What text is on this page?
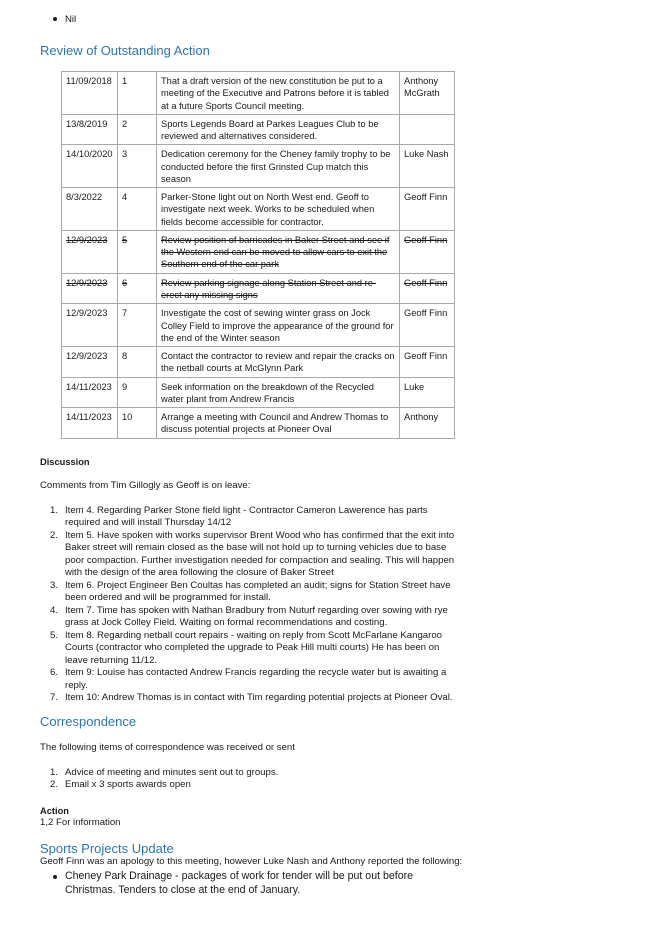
Nil
Review of Outstanding Action
11/09/2018	1	That a draft version of the new constitution be put to a meeting of the Executive and Patrons before it is tabled at a future Sports Council meeting.	Anthony McGrath
13/8/2019	2	Sports Legends Board at Parkes Leagues Club to be reviewed and alternatives considered.	
14/10/2020	3	Dedication ceremony for the Cheney family trophy to be conducted before the first Grinsted Cup match this season	Luke Nash
8/3/2022	4	Parker-Stone light out on North West end. Geoff to investigate next week. Works to be scheduled when fields become accessible for contractor.	Geoff Finn
12/9/2023	5	Review position of barricades in Baker Street and see if the Western end can be moved to allow cars to exit the Southern end of the car park	Geoff Finn
12/9/2023	6	Review parking signage along Station Street and re-erect any missing signs	Geoff Finn
12/9/2023	7	Investigate the cost of sewing winter grass on Jock Colley Field to improve the appearance of the ground for the end of the Winter season	Geoff Finn
12/9/2023	8	Contact the contractor to review and repair the cracks on the netball courts at McGlynn Park	Geoff Finn
14/11/2023	9	Seek information on the breakdown of the Recycled water plant from Andrew Francis	Luke
14/11/2023	10	Arrange a meeting with Council and Andrew Thomas to discuss potential projects at Pioneer Oval	Anthony
Discussion
Comments from Tim Gillogly as Geoff is on leave:
1. Item 4. Regarding Parker Stone field light - Contractor Cameron Lawerence has parts required and will install Thursday 14/12
2. Item 5. Have spoken with works supervisor Brent Wood who has confirmed that the exit into Baker street will remain closed as the base will not hold up to turning vehicles due to base poor compaction. Further investigation needed for compaction and sealing. This will happen with the design of the area following the closure of Baker Street
3. Item 6. Project Engineer Ben Coultas has completed an audit; signs for Station Street have been ordered and will be programmed for install.
4. Item 7. Time has spoken with Nathan Bradbury from Nuturf regarding over sowing with rye grass at Jock Colley Field. Waiting on formal recommendations and costing.
5. Item 8. Regarding netball court repairs - waiting on reply from Scott McFarlane Kangaroo Courts (contractor who completed the upgrade to Peak Hill multi courts) He has been on leave returning 11/12.
6. Item 9: Louise has contacted Andrew Francis regarding the recycle water but is awaiting a reply.
7. Item 10: Andrew Thomas is in contact with Tim regarding potential projects at Pioneer Oval.
Correspondence
The following items of correspondence was received or sent
1. Advice of meeting and minutes sent out to groups.
2. Email x 3 sports awards open
Action
1,2 For information
Sports Projects Update
Geoff Finn was an apology to this meeting, however Luke Nash and Anthony reported the following:
Cheney Park Drainage - packages of work for tender will be put out before Christmas. Tenders to close at the end of January.
